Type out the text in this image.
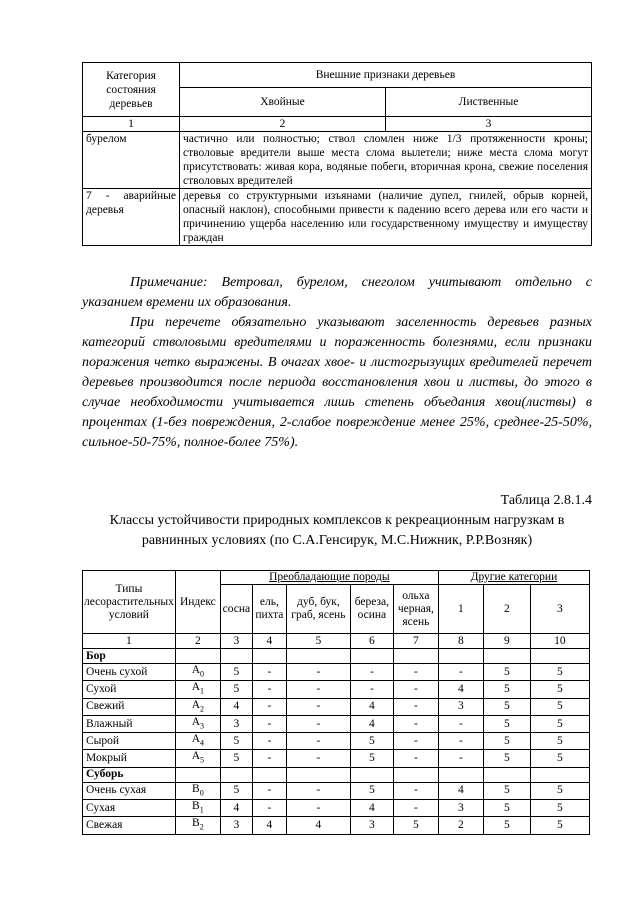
Категория состояния деревьев	Внешние признаки деревьев	
	Хвойные	Лиственные
1	2	3
бурелом	частично или полностью; ствол сломлен ниже 1/3 протяженности кроны; стволовые вредители выше места слома вылетели; ниже места слома могут присутствовать: живая кора, водяные побеги, вторичная крона, свежие поселения стволовых вредителей	
7 - аварийные деревья	деревья со структурными изъянами (наличие дупел, гнилей, обрыв корней, опасный наклон), способными привести к падению всего дерева или его части и причинению ущерба населению или государственному имуществу и имуществу граждан	
Примечание: Ветровал, бурелом, снеголом учитывают отдельно с указанием времени их образования.
При перечете обязательно указывают заселенность деревьев разных категорий стволовыми вредителями и пораженность болезнями, если признаки поражения четко выражены. В очагах хвое- и листогрызущих вредителей перечет деревьев производится после периода восстановления хвои и листвы, до этого в случае необходимости учитывается лишь степень объедания хвои(листвы) в процентах (1-без повреждения, 2-слабое повреждение менее 25%, среднее-25-50%, сильное-50-75%, полное-более 75%).
Таблица 2.8.1.4
Классы устойчивости природных комплексов к рекреационным нагрузкам в равнинных условиях (по С.А.Генсирук, М.С.Нижник, Р.Р.Возняк)
Типы лесорастительных условий	Индекс	Преобладающие породы					Другие категории		
		сосна	ель, пихта	дуб, бук, граб, ясень	береза, осина	ольха черная, ясень	1	2	3
1	2	3	4	5	6	7	8	9	10
Бор									
Очень сухой	$А_0$	5	-	-	-	-	-	5	5
Сухой	$А_1$	5	-	-	-	-	4	5	5
Свежий	$А_2$	4	-	-	4	-	3	5	5
Влажный	$А_3$	3	-	-	4	-	-	5	5
Сырой	$А_4$	5	-	-	5	-	-	5	5
Мокрый	$А_5$	5	-	-	5	-	-	5	5
Суборь									
Очень сухая	$В_0$	5	-	-	5	-	4	5	5
Сухая	$В_1$	4	-	-	4	-	3	5	5
Свежая	$В_2$	3	4	4	3	5	2	5	5
